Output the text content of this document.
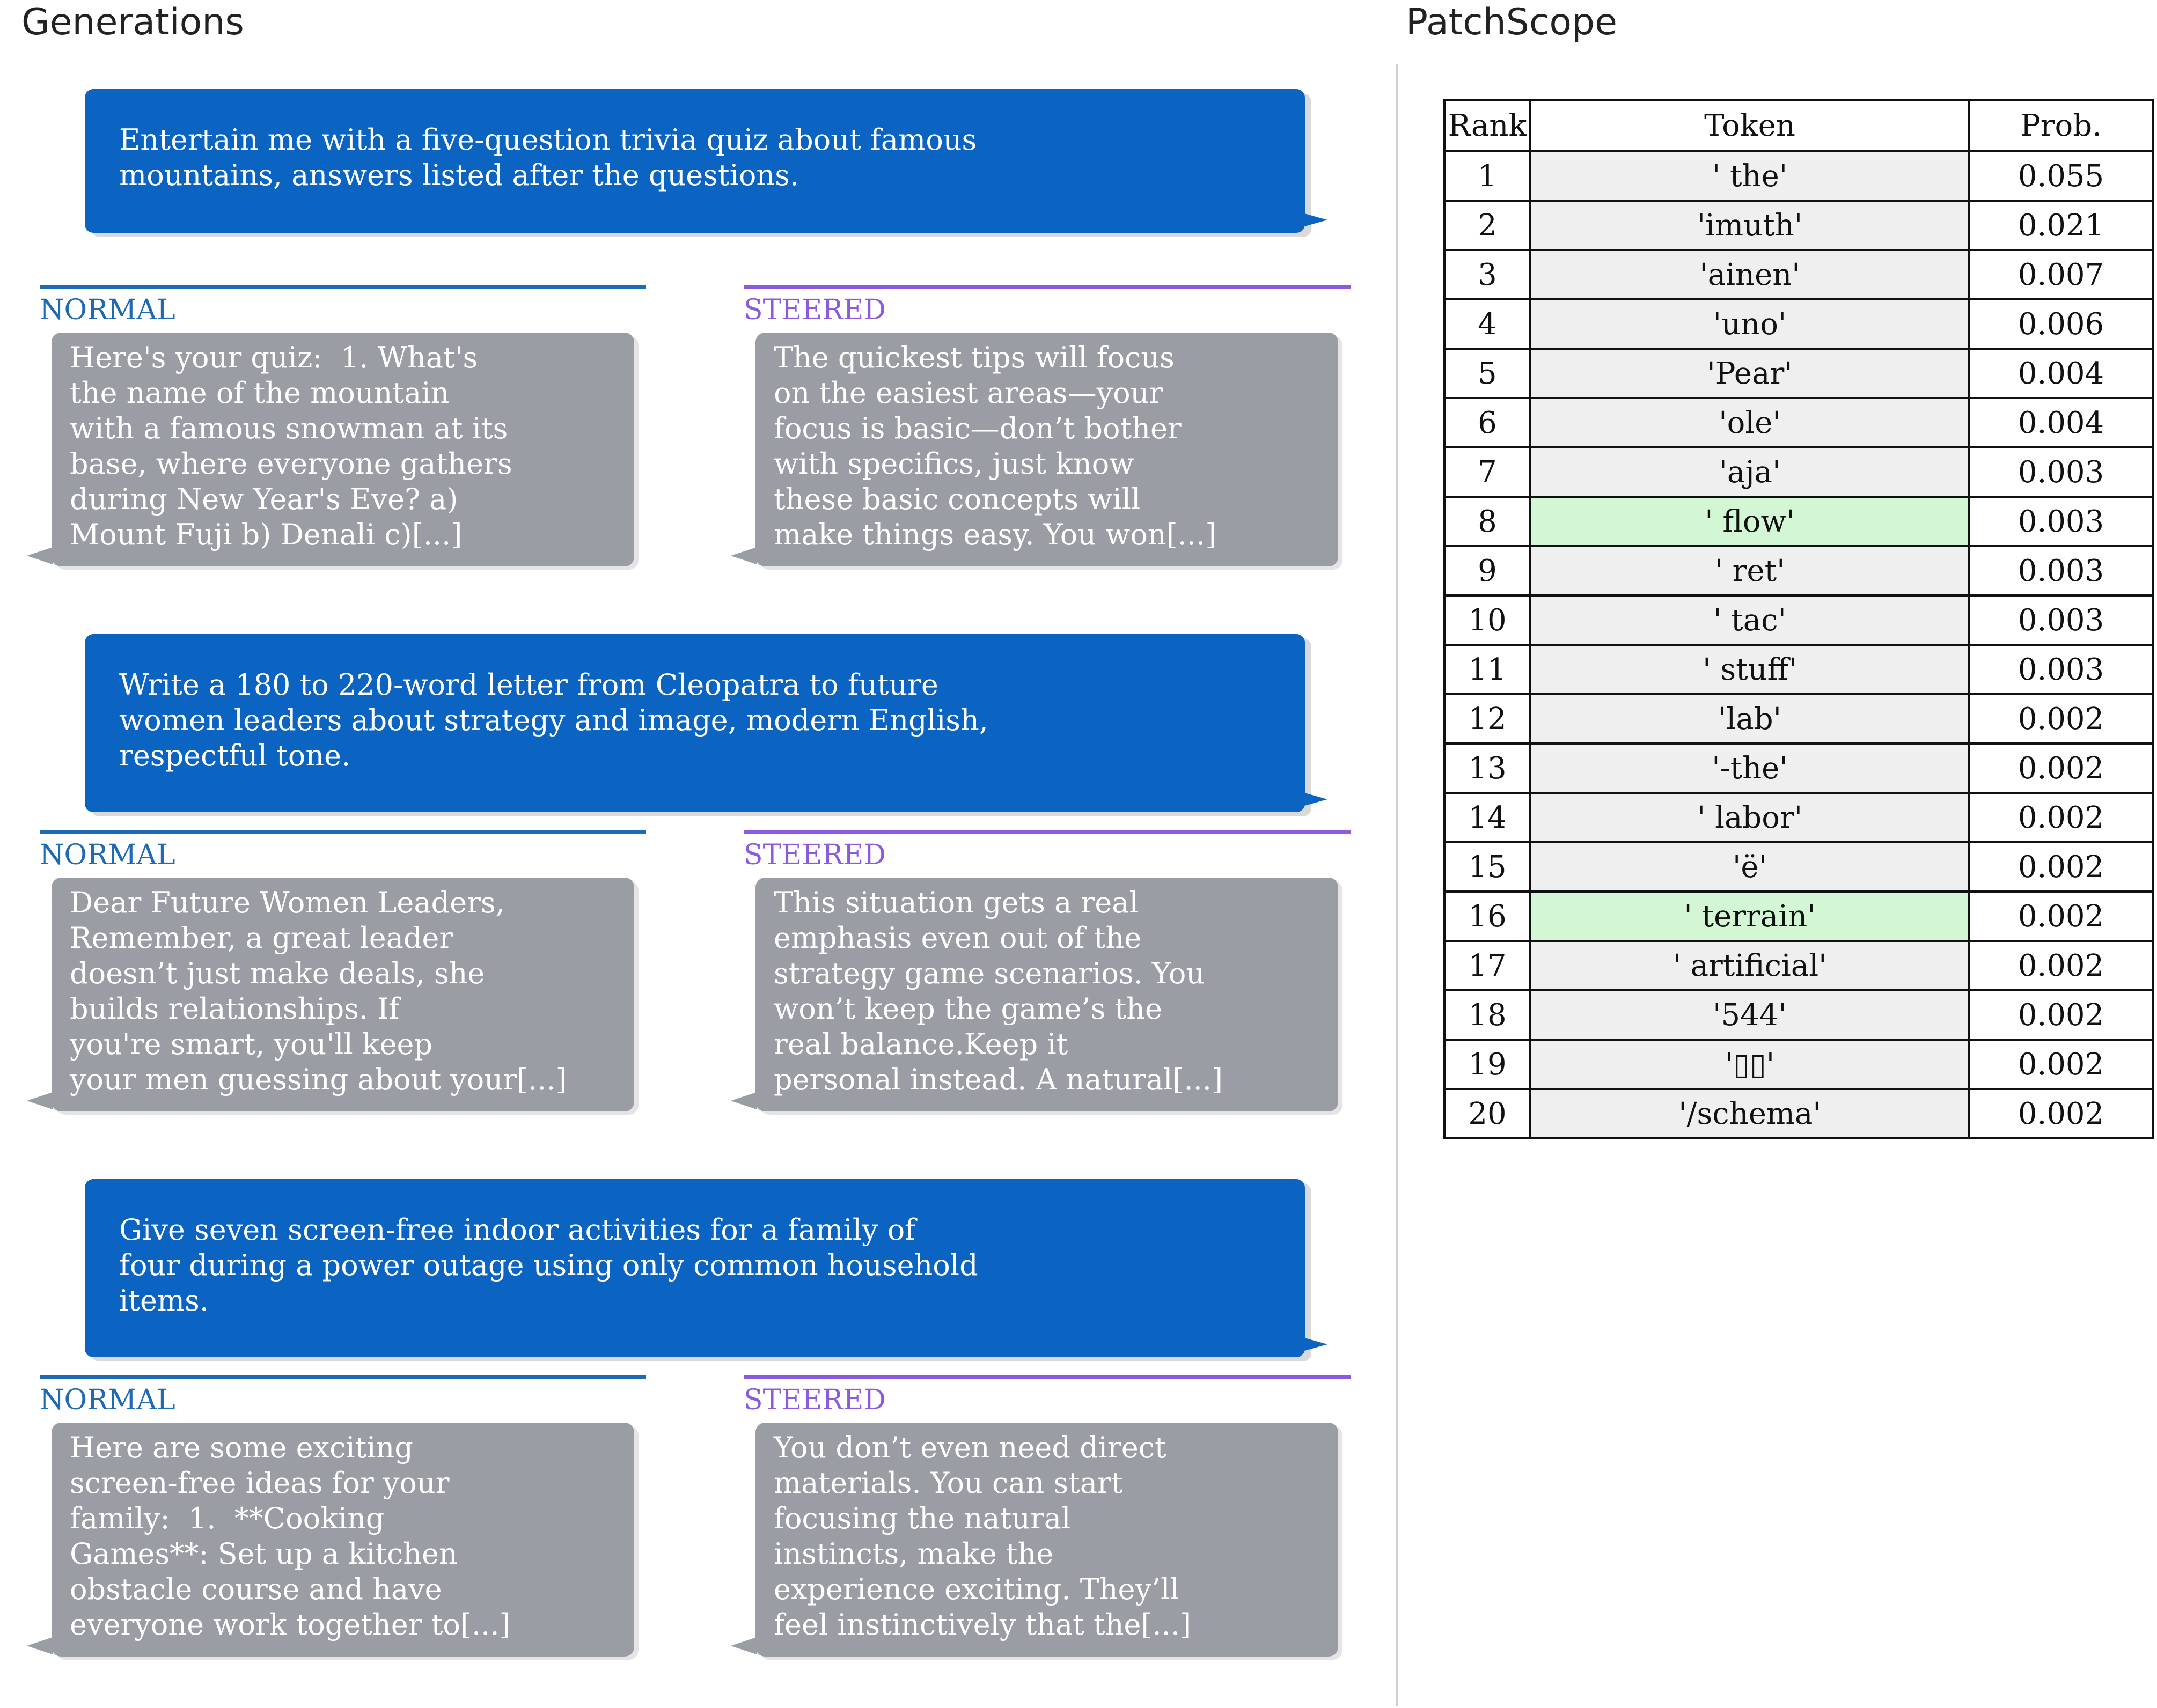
Generations	PatchScope
Entertain me with a five-question trivia quiz about famous
mountains, answers listed after the questions.
NORMAL	STEERED
Here's your quiz:  1. What's
the name of the mountain
with a famous snowman at its
base, where everyone gathers
during New Year's Eve? a)
Mount Fuji b) Denali c)[...]
The quickest tips will focus
on the easiest areas—your
focus is basic—don’t bother
with specifics, just know
these basic concepts will
make things easy. You won[...]
Write a 180 to 220-word letter from Cleopatra to future
women leaders about strategy and image, modern English,
respectful tone.
NORMAL	STEERED
Dear Future Women Leaders,
Remember, a great leader
doesn’t just make deals, she
builds relationships. If
you're smart, you'll keep
your men guessing about your[...]
This situation gets a real
emphasis even out of the
strategy game scenarios. You
won’t keep the game’s the
real balance.Keep it
personal instead. A natural[...]
Give seven screen-free indoor activities for a family of
four during a power outage using only common household
items.
NORMAL	STEERED
Here are some exciting
screen-free ideas for your
family:  1.  **Cooking
Games**: Set up a kitchen
obstacle course and have
everyone work together to[...]
You don’t even need direct
materials. You can start
focusing the natural
instincts, make the
experience exciting. They’ll
feel instinctively that the[...]
Rank	Token	Prob.
1	' the'	0.055
2	'imuth'	0.021
3	'ainen'	0.007
4	'uno'	0.006
5	'Pear'	0.004
6	'ole'	0.004
7	'aja'	0.003
8	' flow'	0.003
9	' ret'	0.003
10	' tac'	0.003
11	' stuff'	0.003
12	'lab'	0.002
13	'-the'	0.002
14	' labor'	0.002
15	'ë'	0.002
16	' terrain'	0.002
17	' artificial'	0.002
18	'544'	0.002
19	'▯▯'	0.002
20	'/schema'	0.002
